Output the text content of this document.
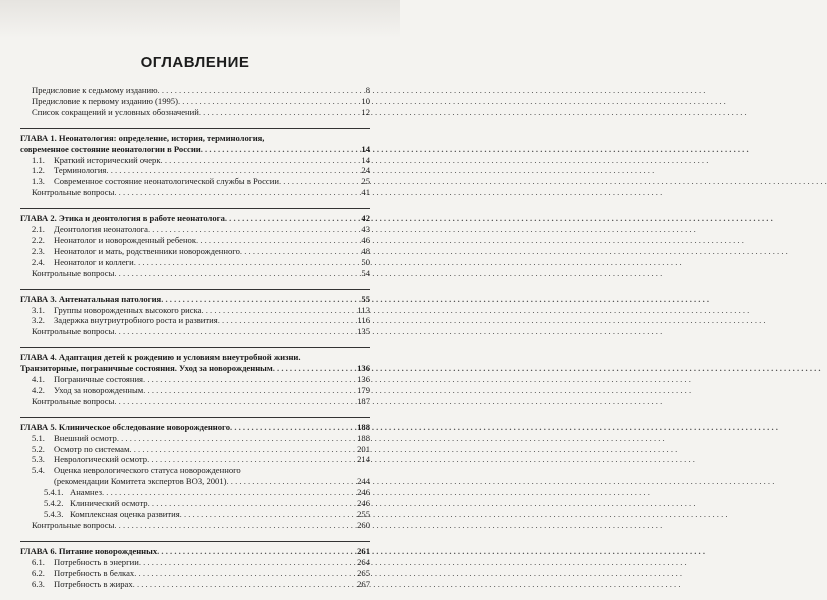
ОГЛАВЛЕНИЕ
Предисловие к седьмому изданию . . .	8
Предисловие к первому изданию (1995) . . .	10
Список сокращений и условных обозначений . . .	12
ГЛАВА 1. Неонатология: определение, история, терминология,
современное состояние неонатологии в России . . .	14
1.1. Краткий исторический очерк . . .	14
1.2. Терминология . . .	24
1.3. Современное состояние неонатологической службы в России . . .	25
Контрольные вопросы . . .	41
ГЛАВА 2. Этика и деонтология в работе неонатолога . . .	42
2.1. Деонтология неонатолога . . .	43
2.2. Неонатолог и новорожденный ребенок . . .	46
2.3. Неонатолог и мать, родственники новорожденного . . .	48
2.4. Неонатолог и коллеги . . .	50
Контрольные вопросы . . .	54
ГЛАВА 3. Антенатальная патология . . .	55
3.1. Группы новорожденных высокого риска . . .	113
3.2. Задержка внутриутробного роста и развития . . .	116
Контрольные вопросы . . .	135
ГЛАВА 4. Адаптация детей к рождению и условиям внеутробной жизни.
Транзиторные, пограничные состояния. Уход за новорожденным . . .	136
4.1. Пограничные состояния . . .	136
4.2. Уход за новорожденным . . .	179
Контрольные вопросы . . .	187
ГЛАВА 5. Клиническое обследование новорожденного . . .	188
5.1. Внешний осмотр . . .	188
5.2. Осмотр по системам . . .	201
5.3. Неврологический осмотр . . .	214
5.4. Оценка неврологического статуса новорожденного
(рекомендации Комитета экспертов ВОЗ, 2001) . . .	244
5.4.1. Анамнез . . .	246
5.4.2. Клинический осмотр . . .	246
5.4.3. Комплексная оценка развития . . .	255
Контрольные вопросы . . .	260
ГЛАВА 6. Питание новорожденных . . .	261
6.1. Потребность в энергии . . .	264
6.2. Потребность в белках . . .	265
6.3. Потребность в жирах . . .	267
